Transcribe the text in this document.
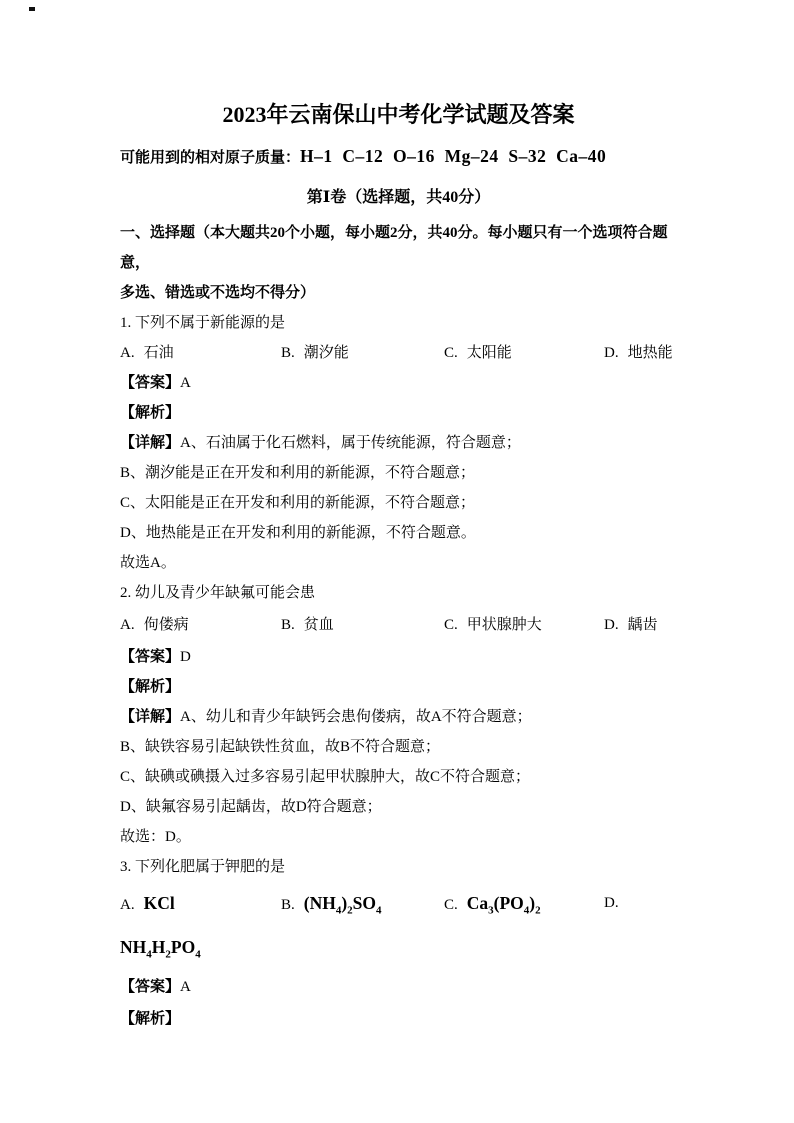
2023年云南保山中考化学试题及答案
可能用到的相对原子质量： H–1  C–12  O–16  Mg–24  S–32  Ca–40
第Ⅰ卷（选择题，共40分）

一、选择题（本大题共20个小题，每小题2分，共40分。每小题只有一个选项符合题意，

多选、错选或不选均不得分）

1. 下列不属于新能源的是

A. 石油	B. 潮汐能	C. 太阳能	D. 地热能

【答案】A

【解析】

【详解】A、石油属于化石燃料，属于传统能源，符合题意；

B、潮汐能是正在开发和利用的新能源，不符合题意；

C、太阳能是正在开发和利用的新能源，不符合题意；

D、地热能是正在开发和利用的新能源，不符合题意。

故选A。

2. 幼儿及青少年缺氟可能会患

A. 佝偻病	B. 贫血	C. 甲状腺肿大	D. 龋齿

【答案】D

【解析】

【详解】A、幼儿和青少年缺钙会患佝偻病，故A不符合题意；

B、缺铁容易引起缺铁性贫血，故B不符合题意；

C、缺碘或碘摄入过多容易引起甲状腺肿大，故C不符合题意；

D、缺氟容易引起龋齿，故D符合题意；

故选：D。

3. 下列化肥属于钾肥的是

A. KCl	B. $(NH_4)_2SO_4$	C. $Ca_3(PO_4)_2$	D.

$NH_4H_2PO_4$

【答案】A

【解析】
